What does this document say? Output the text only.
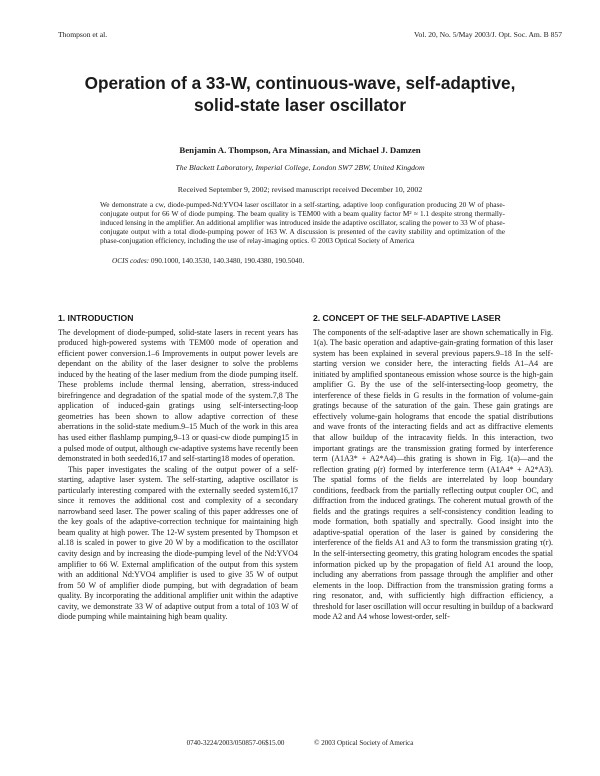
Thompson et al.	Vol. 20, No. 5/May 2003/J. Opt. Soc. Am. B 857
Operation of a 33-W, continuous-wave, self-adaptive, solid-state laser oscillator
Benjamin A. Thompson, Ara Minassian, and Michael J. Damzen
The Blackett Laboratory, Imperial College, London SW7 2BW, United Kingdom
Received September 9, 2002; revised manuscript received December 10, 2002

We demonstrate a cw, diode-pumped-Nd:YVO4 laser oscillator in a self-starting, adaptive loop configuration producing 20 W of phase-conjugate output for 66 W of diode pumping. The beam quality is TEM00 with a beam quality factor M² ≈ 1.1 despite strong thermally-induced lensing in the amplifier. An additional amplifier was introduced inside the adaptive oscillator, scaling the power to 33 W of phase-conjugate output with a total diode-pumping power of 163 W. A discussion is presented of the cavity stability and optimization of the phase-conjugation efficiency, including the use of relay-imaging optics. © 2003 Optical Society of America

OCIS codes: 090.1000, 140.3530, 140.3480, 190.4380, 190.5040.
1. INTRODUCTION

The development of diode-pumped, solid-state lasers in recent years has produced high-powered systems with TEM00 mode of operation and efficient power conversion.1–6 Improvements in output power levels are dependant on the ability of the laser designer to solve the problems induced by the heating of the laser medium from the diode pumping itself. These problems include thermal lensing, aberration, stress-induced birefringence and degradation of the spatial mode of the system.7,8 The application of induced-gain gratings using self-intersecting-loop geometries has been shown to allow adaptive correction of these aberrations in the solid-state medium.9–15 Much of the work in this area has used either flashlamp pumping,9–13 or quasi-cw diode pumping15 in a pulsed mode of output, although cw-adaptive systems have recently been demonstrated in both seeded16,17 and self-starting18 modes of operation.

This paper investigates the scaling of the output power of a self-starting, adaptive laser system. The self-starting, adaptive oscillator is particularly interesting compared with the externally seeded system16,17 since it removes the additional cost and complexity of a secondary narrowband seed laser. The power scaling of this paper addresses one of the key goals of the adaptive-correction technique for maintaining high beam quality at high power. The 12-W system presented by Thompson et al.18 is scaled in power to give 20 W by a modification to the oscillator cavity design and by increasing the diode-pumping level of the Nd:YVO4 amplifier to 66 W. External amplification of the output from this system with an additional Nd:YVO4 amplifier is used to give 35 W of output from 50 W of amplifier diode pumping, but with degradation of beam quality. By incorporating the additional amplifier unit within the adaptive cavity, we demonstrate 33 W of adaptive output from a total of 103 W of diode pumping while maintaining high beam quality.

2. CONCEPT OF THE SELF-ADAPTIVE LASER

The components of the self-adaptive laser are shown schematically in Fig. 1(a). The basic operation and adaptive-gain-grating formation of this laser system has been explained in several previous papers.9–18 In the self-starting version we consider here, the interacting fields A1–A4 are initiated by amplified spontaneous emission whose source is the high-gain amplifier G. By the use of the self-intersecting-loop geometry, the interference of these fields in G results in the formation of volume-gain gratings because of the saturation of the gain. These gain gratings are effectively volume-gain holograms that encode the spatial distributions and wave fronts of the interacting fields and act as diffractive elements that allow buildup of the intracavity fields. In this interaction, two important gratings are the transmission grating formed by interference term (A1A3* + A2*A4)—this grating is shown in Fig. 1(a)—and the reflection grating ρ(r) formed by interference term (A1A4* + A2*A3). The spatial forms of the fields are interrelated by loop boundary conditions, feedback from the partially reflecting output coupler OC, and diffraction from the induced gratings. The coherent mutual growth of the fields and the gratings requires a self-consistency condition leading to mode formation, both spatially and spectrally. Good insight into the adaptive-spatial operation of the laser is gained by considering the interference of the fields A1 and A3 to form the transmission grating τ(r). In the self-intersecting geometry, this grating hologram encodes the spatial information picked up by the propagation of field A1 around the loop, including any aberrations from passage through the amplifier and other elements in the loop. Diffraction from the transmission grating forms a ring resonator, and, with sufficiently high diffraction efficiency, a threshold for laser oscillation will occur resulting in buildup of a backward mode A2 and A4 whose lowest-order, self-

0740-3224/2003/050857-06$15.00	© 2003 Optical Society of America
